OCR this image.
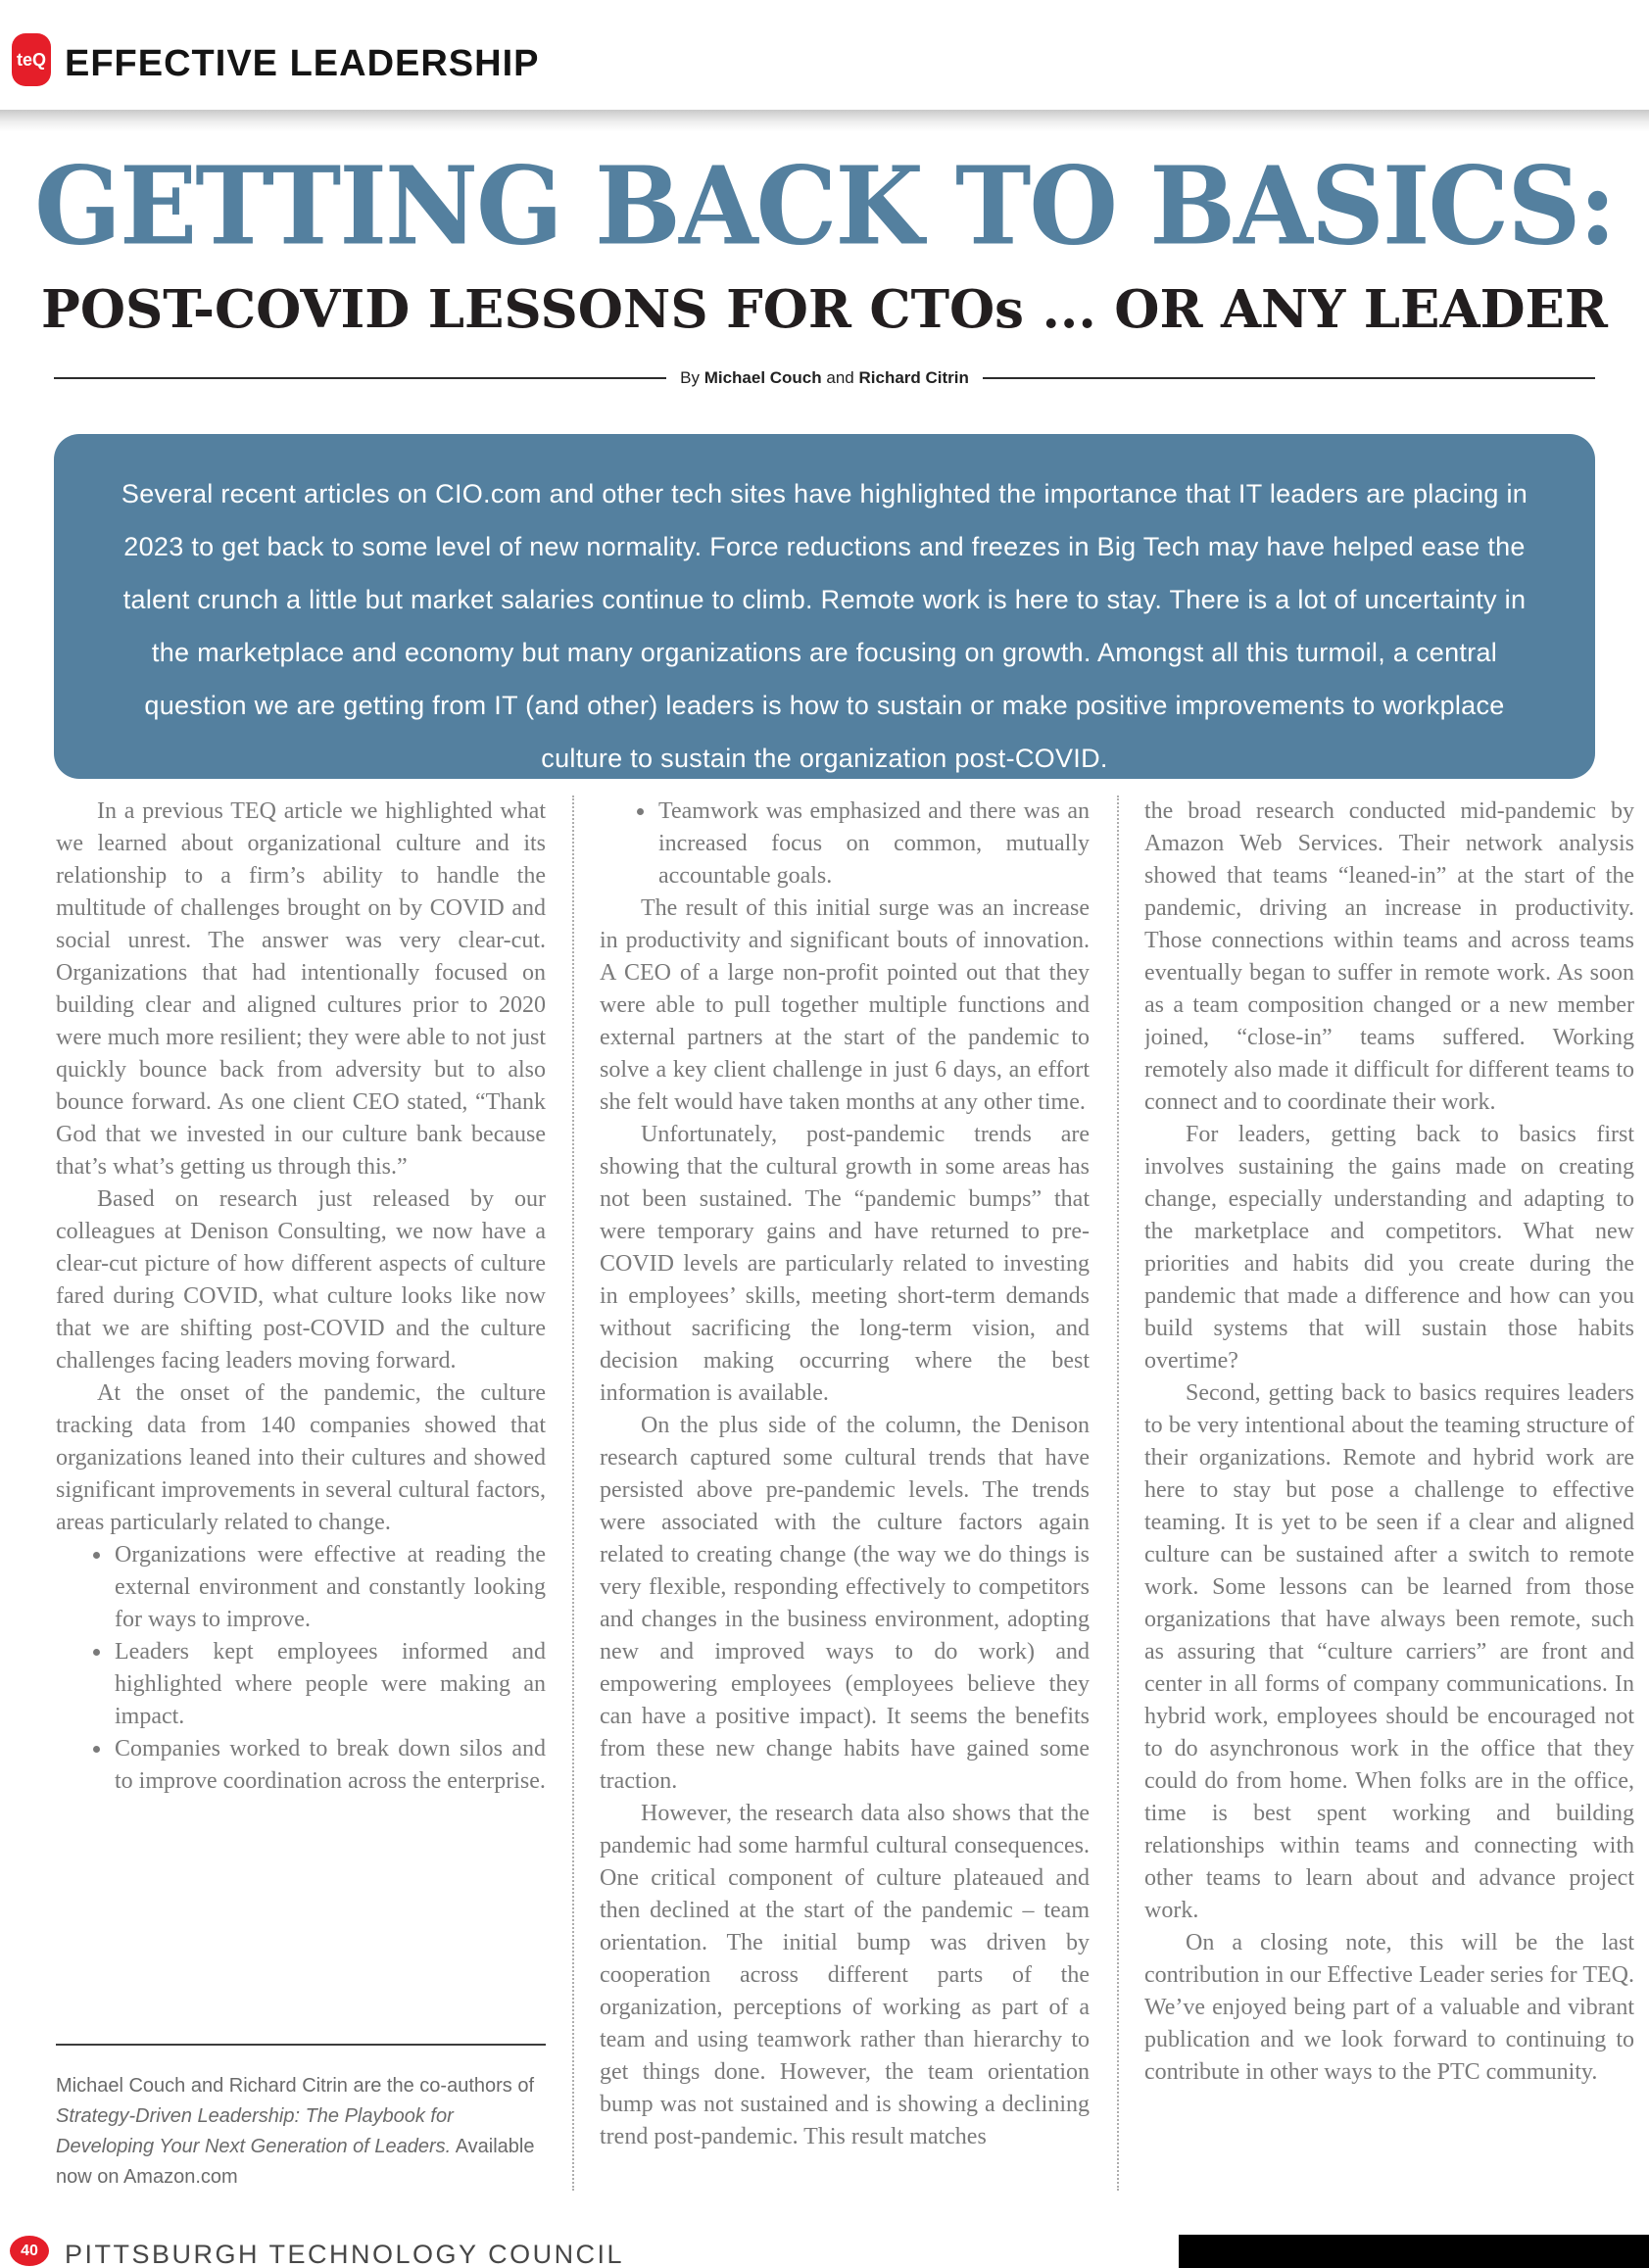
teQ EFFECTIVE LEADERSHIP
GETTING BACK TO BASICS:
POST-COVID LESSONS FOR CTOs ... OR ANY LEADER
By Michael Couch and Richard Citrin
Several recent articles on CIO.com and other tech sites have highlighted the importance that IT leaders are placing in 2023 to get back to some level of new normality. Force reductions and freezes in Big Tech may have helped ease the talent crunch a little but market salaries continue to climb. Remote work is here to stay. There is a lot of uncertainty in the marketplace and economy but many organizations are focusing on growth. Amongst all this turmoil, a central question we are getting from IT (and other) leaders is how to sustain or make positive improvements to workplace culture to sustain the organization post-COVID.

In a previous TEQ article we highlighted what we learned about organizational culture and its relationship to a firm’s ability to handle the multitude of challenges brought on by COVID and social unrest. The answer was very clear-cut. Organizations that had intentionally focused on building clear and aligned cultures prior to 2020 were much more resilient; they were able to not just quickly bounce back from adversity but to also bounce forward. As one client CEO stated, “Thank God that we invested in our culture bank because that’s what’s getting us through this.”

Based on research just released by our colleagues at Denison Consulting, we now have a clear-cut picture of how different aspects of culture fared during COVID, what culture looks like now that we are shifting post-COVID and the culture challenges facing leaders moving forward.

At the onset of the pandemic, the culture tracking data from 140 companies showed that organizations leaned into their cultures and showed significant improvements in several cultural factors, areas particularly related to change.

• Organizations were effective at reading the external environment and constantly looking for ways to improve.
• Leaders kept employees informed and highlighted where people were making an impact.
• Companies worked to break down silos and to improve coordination across the enterprise.
• Teamwork was emphasized and there was an increased focus on common, mutually accountable goals.

The result of this initial surge was an increase in productivity and significant bouts of innovation. A CEO of a large non-profit pointed out that they were able to pull together multiple functions and external partners at the start of the pandemic to solve a key client challenge in just 6 days, an effort she felt would have taken months at any other time.

Unfortunately, post-pandemic trends are showing that the cultural growth in some areas has not been sustained. The “pandemic bumps” that were temporary gains and have returned to pre-COVID levels are particularly related to investing in employees’ skills, meeting short-term demands without sacrificing the long-term vision, and decision making occurring where the best information is available.

On the plus side of the column, the Denison research captured some cultural trends that have persisted above pre-pandemic levels. The trends were associated with the culture factors again related to creating change (the way we do things is very flexible, responding effectively to competitors and changes in the business environment, adopting new and improved ways to do work) and empowering employees (employees believe they can have a positive impact). It seems the benefits from these new change habits have gained some traction.

However, the research data also shows that the pandemic had some harmful cultural consequences. One critical component of culture plateaued and then declined at the start of the pandemic – team orientation. The initial bump was driven by cooperation across different parts of the organization, perceptions of working as part of a team and using teamwork rather than hierarchy to get things done. However, the team orientation bump was not sustained and is showing a declining trend post-pandemic. This result matches

the broad research conducted mid-pandemic by Amazon Web Services. Their network analysis showed that teams “leaned-in” at the start of the pandemic, driving an increase in productivity. Those connections within teams and across teams eventually began to suffer in remote work. As soon as a team composition changed or a new member joined, “close-in” teams suffered. Working remotely also made it difficult for different teams to connect and to coordinate their work.

For leaders, getting back to basics first involves sustaining the gains made on creating change, especially understanding and adapting to the marketplace and competitors. What new priorities and habits did you create during the pandemic that made a difference and how can you build systems that will sustain those habits overtime?

Second, getting back to basics requires leaders to be very intentional about the teaming structure of their organizations. Remote and hybrid work are here to stay but pose a challenge to effective teaming. It is yet to be seen if a clear and aligned culture can be sustained after a switch to remote work. Some lessons can be learned from those organizations that have always been remote, such as assuring that “culture carriers” are front and center in all forms of company communications. In hybrid work, employees should be encouraged not to do asynchronous work in the office that they could do from home. When folks are in the office, time is best spent working and building relationships within teams and connecting with other teams to learn about and advance project work.

On a closing note, this will be the last contribution in our Effective Leader series for TEQ. We’ve enjoyed being part of a valuable and vibrant publication and we look forward to continuing to contribute in other ways to the PTC community.

Michael Couch and Richard Citrin are the co-authors of Strategy-Driven Leadership: The Playbook for Developing Your Next Generation of Leaders. Available now on Amazon.com
40 PITTSBURGH TECHNOLOGY COUNCIL
